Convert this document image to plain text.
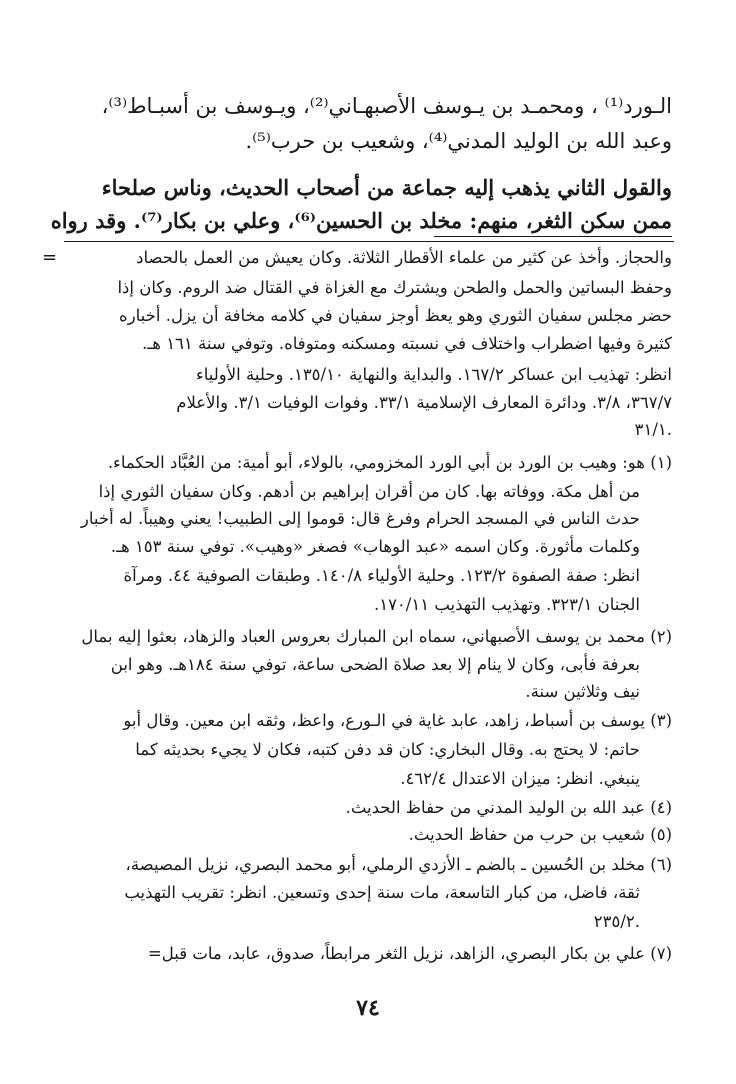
الـورد⁽¹⁾ ، ومحمـد بن يـوسف الأصبهـاني⁽²⁾، ويـوسف بن أسبـاط⁽³⁾،
وعبد الله بن الوليد المدني⁽⁴⁾، وشعيب بن حرب⁽⁵⁾.
والقول الثاني يذهب إليه جماعة من أصحاب الحديث، وناس صلحاء
ممن سكن الثغر، منهم: مخلد بن الحسين⁽⁶⁾، وعلي بن بكار⁽⁷⁾. وقد رواه
=	والحجاز. وأخذ عن كثير من علماء الأقطار الثلاثة. وكان يعيش من العمل بالحصاد
وحفظ البساتين والحمل والطحن ويشترك مع الغزاة في القتال ضد الروم. وكان إذا
حضر مجلس سفيان الثوري وهو يعظ أوجز سفيان في كلامه مخافة أن يزل. أخباره
كثيرة وفيها اضطراب واختلاف في نسبته ومسكنه ومتوفاه. وتوفي سنة ١٦١ هـ.
انظر: تهذيب ابن عساكر ١٦٧/٢. والبداية والنهاية ١٣٥/١٠. وحلية الأولياء
٣٦٧/٧، ٣/٨. ودائرة المعارف الإسلامية ٣٣/١. وفوات الوفيات ٣/١. والأعلام
٣١/١.
(١) هو: وهيب بن الورد بن أبي الورد المخزومي، بالولاء، أبو أمية: من العُبَّاد الحكماء.
من أهل مكة. ووفاته بها. كان من أقران إبراهيم بن أدهم. وكان سفيان الثوري إذا
حدث الناس في المسجد الحرام وفرغ قال: قوموا إلى الطبيب! يعني وهيباً. له أخبار
وكلمات مأثورة. وكان اسمه «عبد الوهاب» فصغر «وهيب». توفي سنة ١٥٣ هـ.
انظر: صفة الصفوة ١٢٣/٢. وحلية الأولياء ١٤٠/٨. وطبقات الصوفية ٤٤. ومرآة
الجنان ٣٢٣/١. وتهذيب التهذيب ١٧٠/١١.
(٢) محمد بن يوسف الأصبهاني، سماه ابن المبارك بعروس العباد والزهاد، بعثوا إليه بمال
بعرفة فأبى، وكان لا ينام إلا بعد صلاة الضحى ساعة، توفي سنة ١٨٤هـ. وهو ابن
نيف وثلاثين سنة.
(٣) يوسف بن أسباط، زاهد، عابد غاية في الـورع، واعظ، وثقه ابن معين. وقال أبو
حاتم: لا يحتج به. وقال البخاري: كان قد دفن كتبه، فكان لا يجيء بحديثه كما
ينبغي. انظر: ميزان الاعتدال ٤٦٢/٤.
(٤) عبد الله بن الوليد المدني من حفاظ الحديث.
(٥) شعيب بن حرب من حفاظ الحديث.
(٦) مخلد بن الحُسين ـ بالضم ـ الأزدي الرملي، أبو محمد البصري، نزيل المصيصة،
ثقة، فاضل، من كبار التاسعة، مات سنة إحدى وتسعين. انظر: تقريب التهذيب
٢٣٥/٢.
(٧) علي بن بكار البصري، الزاهد، نزيل الثغر مرابطاً، صدوق، عابد، مات قبل=
٧٤
